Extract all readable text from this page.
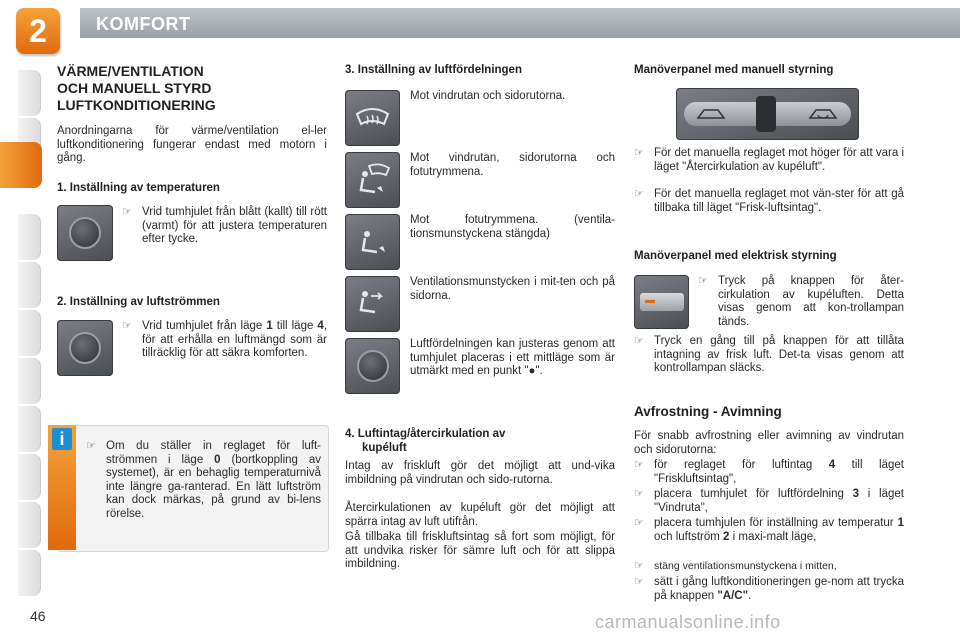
2	KOMFORT
VÄRME/VENTILATION
OCH MANUELL STYRD
LUFTKONDITIONERING
Anordningarna för värme/ventilation el-ler luftkonditionering fungerar endast med motorn i gång.
1. Inställning av temperaturen
☞ Vrid tumhjulet från blått (kallt) till rött (varmt) för att justera temperaturen efter tycke.
2. Inställning av luftströmmen
☞ Vrid tumhjulet från läge 1 till läge 4, för att erhålla en luftmängd som är tillräcklig för att säkra komforten.
i	☞ Om du ställer in reglaget för luft-strömmen i läge 0 (bortkoppling av systemet), är en behaglig temperaturnivå inte längre ga-ranterad. En lätt luftström kan dock märkas, på grund av bi-lens rörelse.
3. Inställning av luftfördelningen
Mot vindrutan och sidorutorna.
Mot vindrutan, sidorutorna och fotutrymmena.
Mot fotutrymmena. (ventila-tionsmunstyckena stängda)
Ventilationsmunstycken i mit-ten och på sidorna.
Luftfördelningen kan justeras genom att tumhjulet placeras i ett mittläge som är utmärkt med en punkt "●".
4. Luftintag/återcirkulation av
kupéluft
Intag av friskluft gör det möjligt att und-vika imbildning på vindrutan och sido-rutorna.
Återcirkulationen av kupéluft gör det möjligt att spärra intag av luft utifrån.
Gå tillbaka till friskluftsintag så fort som möjligt, för att undvika risker för sämre luft och för att slippa imbildning.
Manöverpanel med manuell styrning
☞ För det manuella reglaget mot höger för att vara i läget "Återcirkulation av kupéluft".
☞ För det manuella reglaget mot vän-ster för att gå tillbaka till läget "Frisk-luftsintag".
Manöverpanel med elektrisk styrning
☞ Tryck på knappen för åter-cirkulation av kupéluften. Detta visas genom att kon-trollampan tänds.
☞ Tryck en gång till på knappen för att tillåta intagning av frisk luft. Det-ta visas genom att kontrollampan släcks.
Avfrostning - Avimning
För snabb avfrostning eller avimning av vindrutan och sidorutorna:
☞ för reglaget för luftintag 4 till läget "Friskluftsintag",
☞ placera tumhjulet för luftfördelning 3 i läget "Vindruta",
☞ placera tumhjulen för inställning av temperatur 1 och luftström 2 i maxi-malt läge,
☞ stäng ventilationsmunstyckena i mitten,
☞ sätt i gång luftkonditioneringen ge-nom att trycka på knappen "A/C".
46	carmanualsonline.info
